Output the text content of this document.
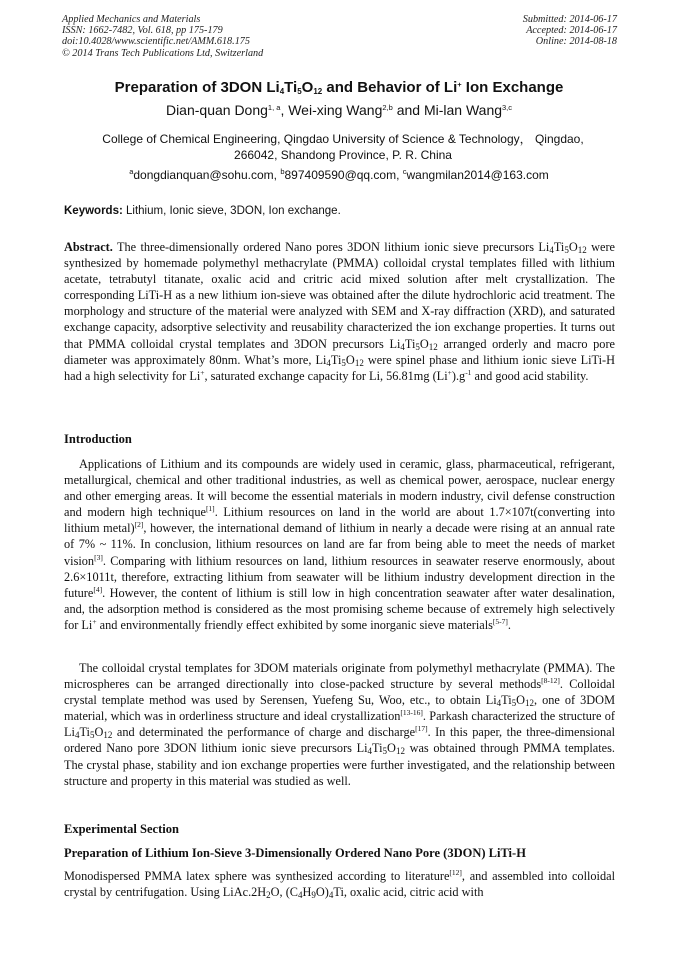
Applied Mechanics and Materials
ISSN: 1662-7482, Vol. 618, pp 175-179
doi:10.4028/www.scientific.net/AMM.618.175
© 2014 Trans Tech Publications Ltd, Switzerland
Submitted: 2014-06-17
Accepted: 2014-06-17
Online: 2014-08-18
Preparation of 3DON $Li_4Ti_5O_{12}$ and Behavior of Li+ Ion Exchange
Dian-quan Dong$^{1, a}$, Wei-xing Wang$^{2,b}$ and Mi-lan Wang$^{3,c}$
College of Chemical Engineering, Qingdao University of Science & Technology， Qingdao,
266042, Shandong Province, P. R. China
$^a$dongdianquan@sohu.com, $^b$897409590@qq.com, $^c$wangmilan2014@163.com
Keywords: Lithium, Ionic sieve, 3DON, Ion exchange.
Abstract. The three-dimensionally ordered Nano pores 3DON lithium ionic sieve precursors $Li_4Ti_5O_{12}$ were synthesized by homemade polymethyl methacrylate (PMMA) colloidal crystal templates filled with lithium acetate, tetrabutyl titanate, oxalic acid and critric acid mixed solution after melt crystallization. The corresponding LiTi-H as a new lithium ion-sieve was obtained after the dilute hydrochloric acid treatment. The morphology and structure of the material were analyzed with SEM and X-ray diffraction (XRD), and saturated exchange capacity, adsorptive selectivity and reusability characterized the ion exchange properties. It turns out that PMMA colloidal crystal templates and 3DON precursors $Li_4Ti_5O_{12}$ arranged orderly and macro pore diameter was approximately 80nm. What’s more, $Li_4Ti_5O_{12}$ were spinel phase and lithium ionic sieve LiTi-H had a high selectivity for Li+, saturated exchange capacity for Li, 56.81mg $(Li^+).g^{-1}$ and good acid stability.
Introduction
Applications of Lithium and its compounds are widely used in ceramic, glass, pharmaceutical, refrigerant, metallurgical, chemical and other traditional industries, as well as chemical power, aerospace, nuclear energy and other emerging areas. It will become the essential materials in modern industry, civil defense construction and modern high technique[1]. Lithium resources on land in the world are about 1.7×107t(converting into lithium metal)[2], however, the international demand of lithium in nearly a decade were rising at an annual rate of 7% ~ 11%. In conclusion, lithium resources on land are far from being able to meet the needs of market vision[3]. Comparing with lithium resources on land, lithium resources in seawater reserve enormously, about 2.6×1011t, therefore, extracting lithium from seawater will be lithium industry development direction in the future[4]. However, the content of lithium is still low in high concentration seawater after water desalination, and, the adsorption method is considered as the most promising scheme because of extremely high selectively for Li+ and environmentally friendly effect exhibited by some inorganic sieve materials[5-7].
The colloidal crystal templates for 3DOM materials originate from polymethyl methacrylate (PMMA). The microspheres can be arranged directionally into close-packed structure by several methods[8-12]. Colloidal crystal template method was used by Serensen, Yuefeng Su, Woo, etc., to obtain $Li_4Ti_5O_{12}$, one of 3DOM material, which was in orderliness structure and ideal crystallization[13-16]. Parkash characterized the structure of $Li_4Ti_5O_{12}$ and determinated the performance of charge and discharge[17]. In this paper, the three-dimensional ordered Nano pore 3DON lithium ionic sieve precursors $Li_4Ti_5O_{12}$ was obtained through PMMA templates. The crystal phase, stability and ion exchange properties were further investigated, and the relationship between structure and property in this material was studied as well.
Experimental Section
Preparation of Lithium Ion-Sieve 3-Dimensionally Ordered Nano Pore (3DON) LiTi-H
Monodispersed PMMA latex sphere was synthesized according to literature[12], and assembled into colloidal crystal by centrifugation. Using $LiAc.2H_2O$, $(C_4H_9O)_4Ti$, oxalic acid, citric acid with
